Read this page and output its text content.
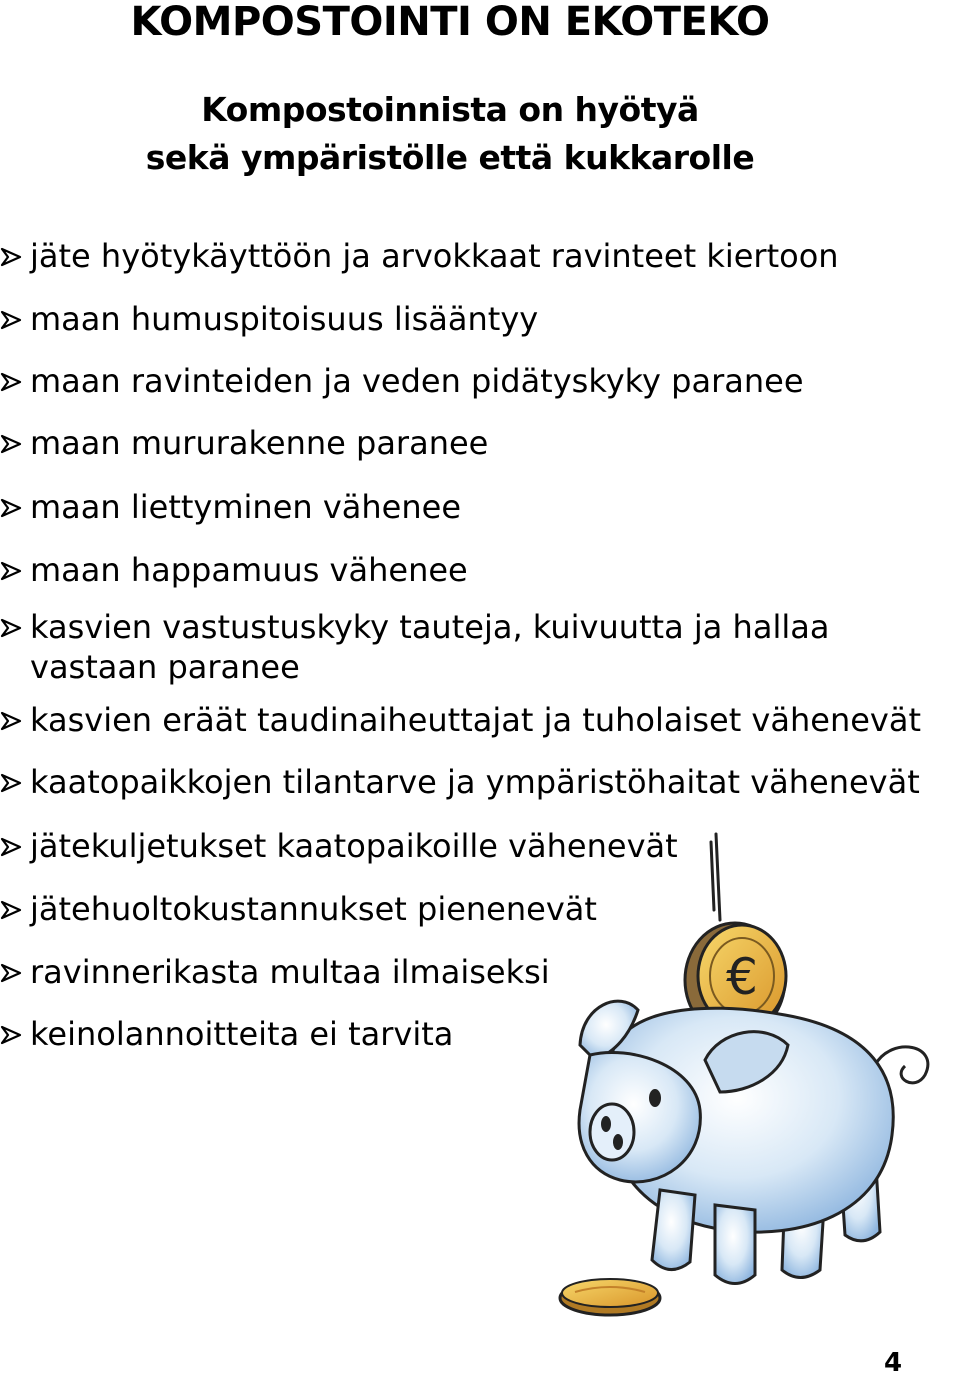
KOMPOSTOINTI ON EKOTEKO
Kompostoinnista on hyötyä
sekä ympäristölle että kukkarolle
jäte hyötykäyttöön ja arvokkaat ravinteet kiertoon
maan humuspitoisuus lisääntyy
maan ravinteiden ja veden pidätyskyky paranee
maan mururakenne paranee
maan liettyminen vähenee
maan happamuus vähenee
kasvien vastustuskyky tauteja, kuivuutta ja hallaa
vastaan paranee
kasvien eräät taudinaiheuttajat ja tuholaiset vähenevät
kaatopaikkojen tilantarve ja ympäristöhaitat vähenevät
jätekuljetukset kaatopaikoille vähenevät
jätehuoltokustannukset pienenevät
ravinnerikasta multaa ilmaiseksi
keinolannoitteita ei tarvita
€
4
